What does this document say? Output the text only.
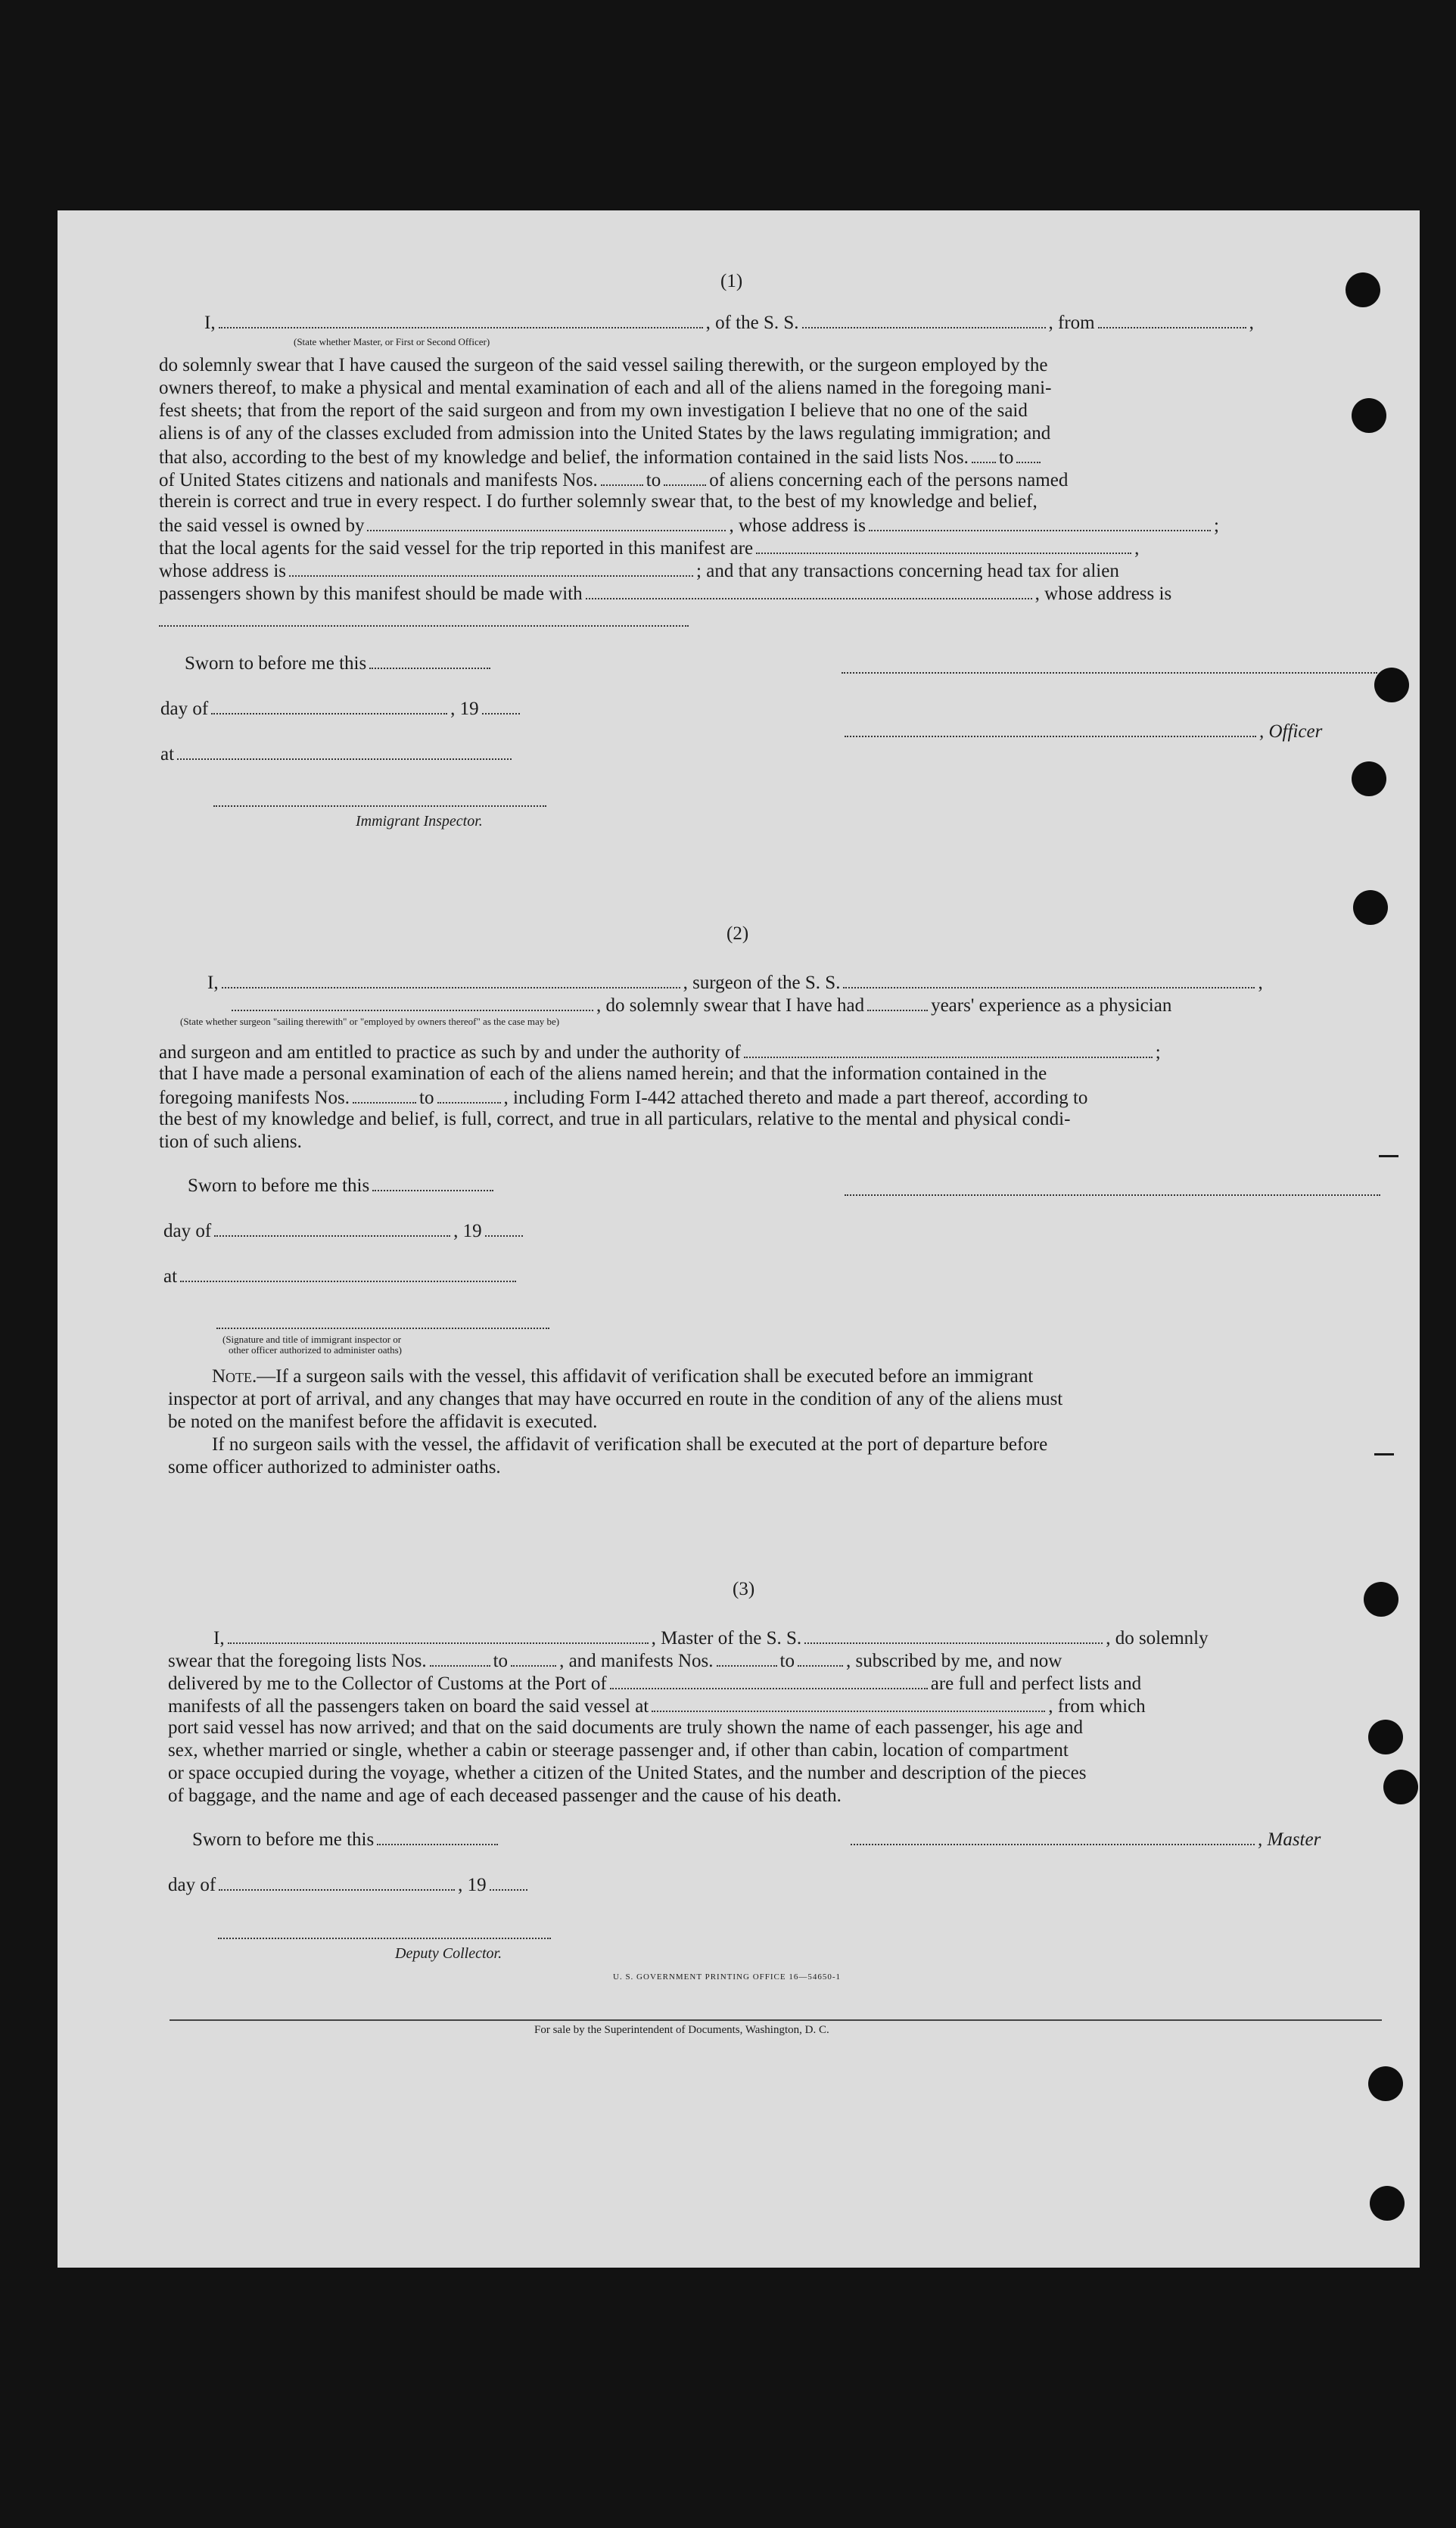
(1)
I,	, of the S. S.	, from	,
(State whether Master, or First or Second Officer)
do solemnly swear that I have caused the surgeon of the said vessel sailing therewith, or the surgeon employed by the
owners thereof, to make a physical and mental examination of each and all of the aliens named in the foregoing mani-
fest sheets; that from the report of the said surgeon and from my own investigation I believe that no one of the said
aliens is of any of the classes excluded from admission into the United States by the laws regulating immigration; and
that also, according to the best of my knowledge and belief, the information contained in the said lists Nos. to
of United States citizens and nationals and manifests Nos.	to	of aliens concerning each of the persons named
therein is correct and true in every respect. I do further solemnly swear that, to the best of my knowledge and belief,
the said vessel is owned by	, whose address is	;
that the local agents for the said vessel for the trip reported in this manifest are	,
whose address is	; and that any transactions concerning head tax for alien
passengers shown by this manifest should be made with	, whose address is
Sworn to before me this
day of	, 19
, Officer
at
Immigrant Inspector.
(2)
I,	, surgeon of the S. S.	,
, do solemnly swear that I have had	years' experience as a physician
(State whether surgeon "sailing therewith" or "employed by owners thereof" as the case may be)
and surgeon and am entitled to practice as such by and under the authority of	;
that I have made a personal examination of each of the aliens named herein; and that the information contained in the
foregoing manifests Nos.	to	, including Form I-442 attached thereto and made a part thereof, according to
the best of my knowledge and belief, is full, correct, and true in all particulars, relative to the mental and physical condi-
tion of such aliens.
Sworn to before me this
day of	, 19
at
(Signature and title of immigrant inspector or
other officer authorized to administer oaths)
Note.—If a surgeon sails with the vessel, this affidavit of verification shall be executed before an immigrant
inspector at port of arrival, and any changes that may have occurred en route in the condition of any of the aliens must
be noted on the manifest before the affidavit is executed.
If no surgeon sails with the vessel, the affidavit of verification shall be executed at the port of departure before
some officer authorized to administer oaths.
(3)
I,	, Master of the S. S.	, do solemnly
swear that the foregoing lists Nos.	to	, and manifests Nos.	to	, subscribed by me, and now
delivered by me to the Collector of Customs at the Port of	are full and perfect lists and
manifests of all the passengers taken on board the said vessel at	, from which
port said vessel has now arrived; and that on the said documents are truly shown the name of each passenger, his age and
sex, whether married or single, whether a cabin or steerage passenger and, if other than cabin, location of compartment
or space occupied during the voyage, whether a citizen of the United States, and the number and description of the pieces
of baggage, and the name and age of each deceased passenger and the cause of his death.
Sworn to before me this	, Master
day of	, 19
Deputy Collector.
U. S. GOVERNMENT PRINTING OFFICE 16—54650-1
For sale by the Superintendent of Documents, Washington, D. C.
